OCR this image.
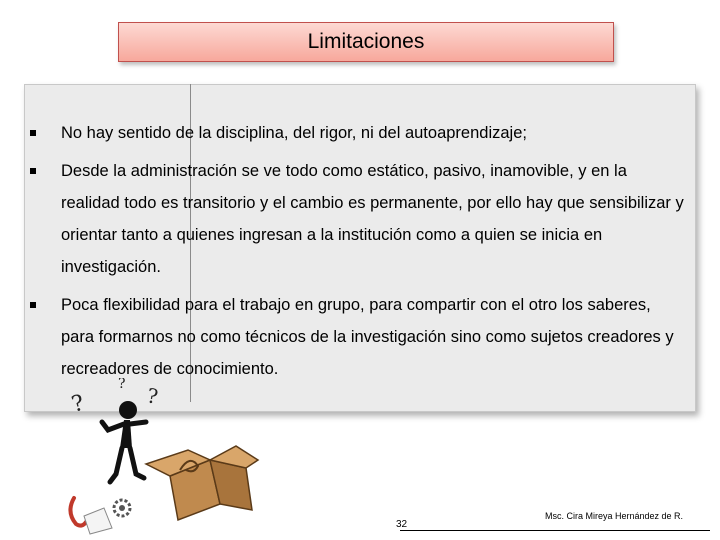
Limitaciones
No hay sentido de la disciplina, del rigor, ni del autoaprendizaje;
Desde la administración se ve todo como estático, pasivo, inamovible, y en la realidad todo es transitorio y el cambio es permanente, por ello hay que sensibilizar y orientar tanto a quienes ingresan a la institución como a quien se inicia en investigación.
Poca flexibilidad para el trabajo en grupo, para compartir con el otro los saberes, para formarnos no como técnicos de la investigación sino como sujetos creadores y recreadores de conocimiento.
?	?
?
32
Msc. Cira Mireya Hernández de R.
